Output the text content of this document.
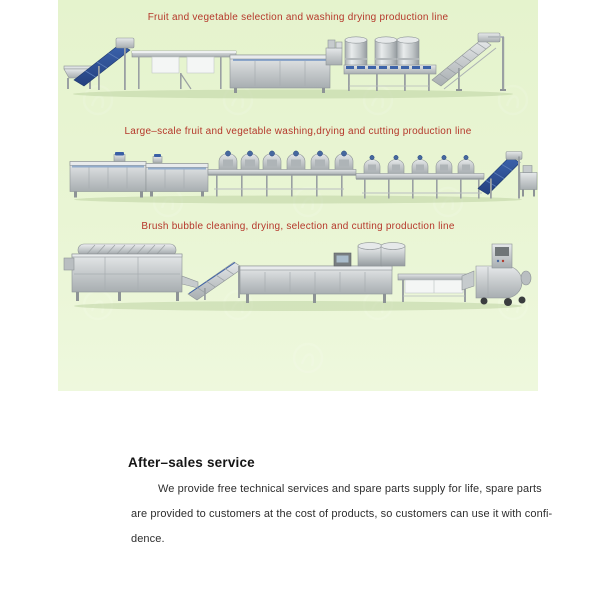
Fruit and vegetable selection and washing drying production line
Large–scale fruit and vegetable washing,drying and cutting production line
Brush bubble cleaning, drying, selection and cutting production line
After–sales service
We provide free technical services and spare parts supply for life, spare parts
are provided to customers at the cost of products, so customers can use it with confi-
dence.
